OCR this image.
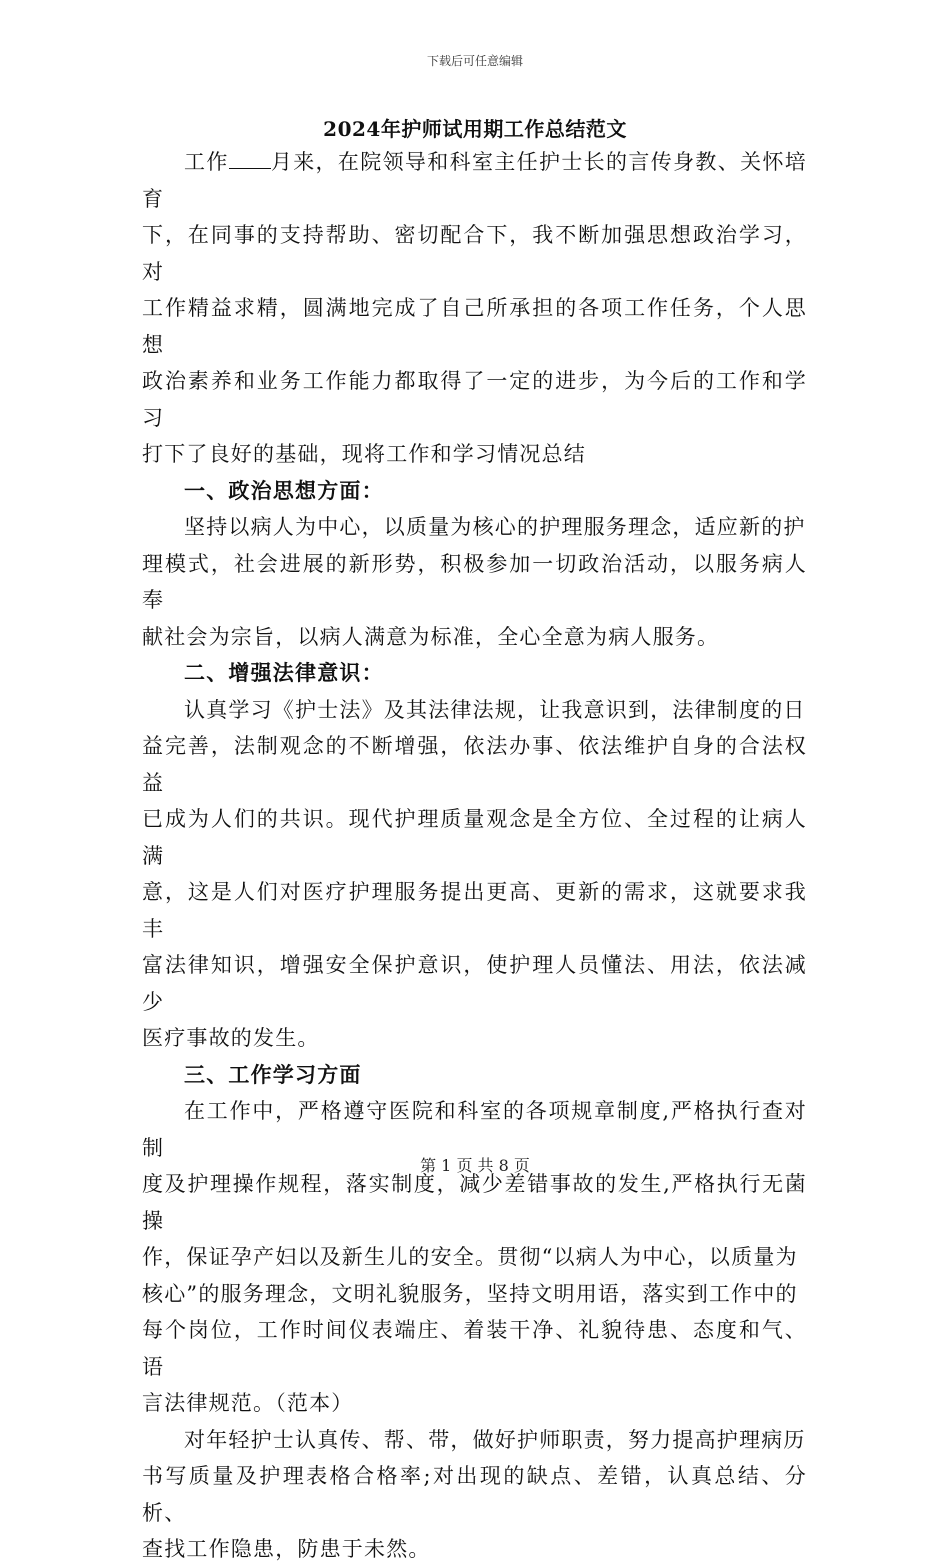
下载后可任意编辑
2024年护师试用期工作总结范文

工作 月来，在院领导和科室主任护士长的言传身教、关怀培育
下，在同事的支持帮助、密切配合下，我不断加强思想政治学习，对
工作精益求精，圆满地完成了自己所承担的各项工作任务，个人思想
政治素养和业务工作能力都取得了一定的进步，为今后的工作和学习
打下了良好的基础，现将工作和学习情况总结

一、政治思想方面：

坚持以病人为中心，以质量为核心的护理服务理念，适应新的护
理模式，社会进展的新形势，积极参加一切政治活动，以服务病人奉
献社会为宗旨，以病人满意为标准，全心全意为病人服务。

二、增强法律意识：

认真学习《护士法》及其法律法规，让我意识到，法律制度的日
益完善，法制观念的不断增强，依法办事、依法维护自身的合法权益
已成为人们的共识。现代护理质量观念是全方位、全过程的让病人满
意，这是人们对医疗护理服务提出更高、更新的需求，这就要求我丰
富法律知识，增强安全保护意识，使护理人员懂法、用法，依法减少
医疗事故的发生。

三、工作学习方面

在工作中，严格遵守医院和科室的各项规章制度,严格执行查对制
度及护理操作规程，落实制度，减少差错事故的发生,严格执行无菌操
作，保证孕产妇以及新生儿的安全。贯彻“以病人为中心，以质量为
核心”的服务理念，文明礼貌服务，坚持文明用语，落实到工作中的
每个岗位，工作时间仪表端庄、着装干净、礼貌待患、态度和气、语
言法律规范。（范本）

对年轻护士认真传、帮、带，做好护师职责，努力提高护理病历
书写质量及护理表格合格率;对出现的缺点、差错，认真总结、分析、
查找工作隐患，防患于未然。

第 1 页 共 8 页
